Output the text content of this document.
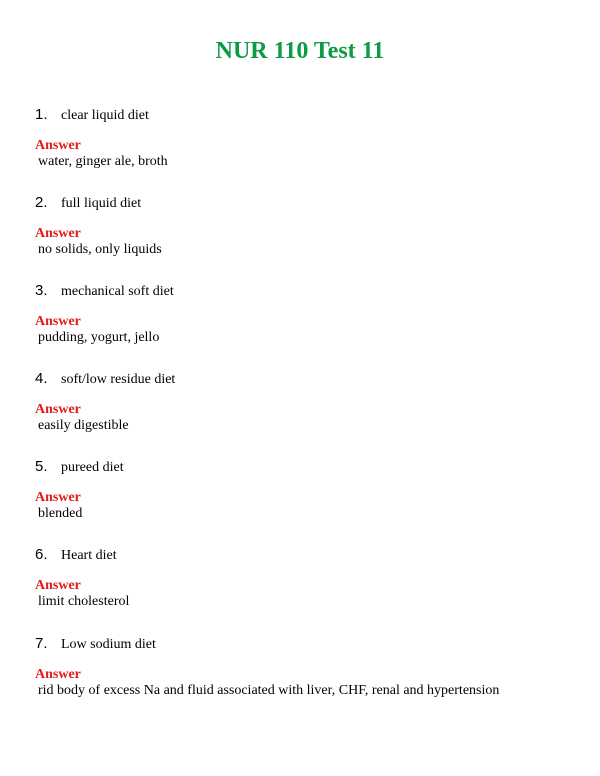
NUR 110 Test 11
1. clear liquid diet
Answer
water, ginger ale, broth
2. full liquid diet
Answer
no solids, only liquids
3. mechanical soft diet
Answer
pudding, yogurt, jello
4. soft/low residue diet
Answer
easily digestible
5. pureed diet
Answer
blended
6. Heart diet
Answer
limit cholesterol
7. Low sodium diet
Answer
rid body of excess Na and fluid associated with liver, CHF, renal and hypertension
